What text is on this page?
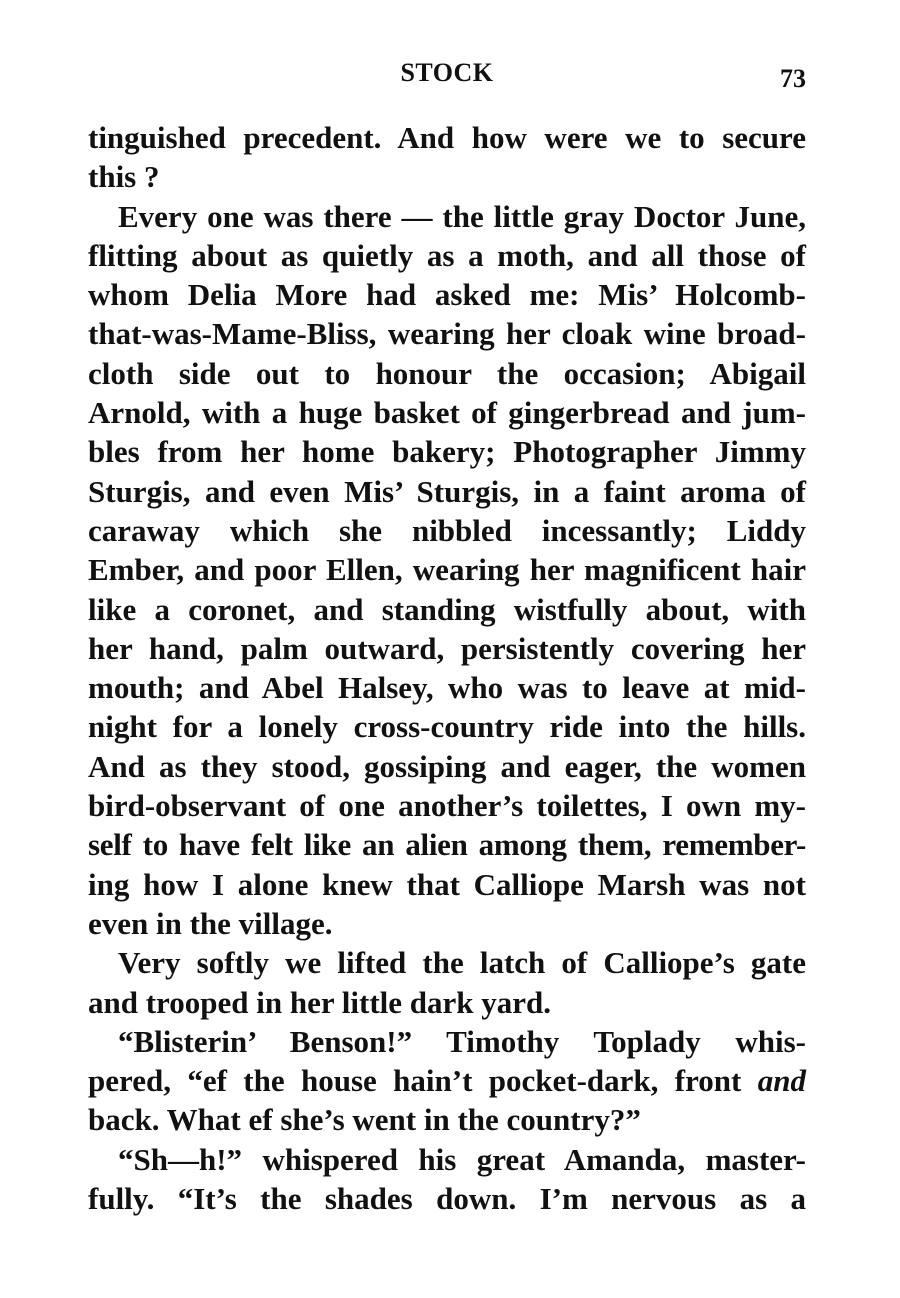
STOCK	73
tinguished precedent. And how were we to secure
this ?
Every one was there — the little gray Doctor June,
flitting about as quietly as a moth, and all those of
whom Delia More had asked me: Mis’ Holcomb-
that-was-Mame-Bliss, wearing her cloak wine broad-
cloth side out to honour the occasion; Abigail
Arnold, with a huge basket of gingerbread and jum-
bles from her home bakery; Photographer Jimmy
Sturgis, and even Mis’ Sturgis, in a faint aroma of
caraway which she nibbled incessantly; Liddy
Ember, and poor Ellen, wearing her magnificent hair
like a coronet, and standing wistfully about, with
her hand, palm outward, persistently covering her
mouth; and Abel Halsey, who was to leave at mid-
night for a lonely cross-country ride into the hills.
And as they stood, gossiping and eager, the women
bird-observant of one another’s toilettes, I own my-
self to have felt like an alien among them, remember-
ing how I alone knew that Calliope Marsh was not
even in the village.
Very softly we lifted the latch of Calliope’s gate
and trooped in her little dark yard.
“Blisterin’ Benson!” Timothy Toplady whis-
pered, “ef the house hain’t pocket-dark, front and
back. What ef she’s went in the country?”
“Sh—h!” whispered his great Amanda, master-
fully. “It’s the shades down. I’m nervous as a
